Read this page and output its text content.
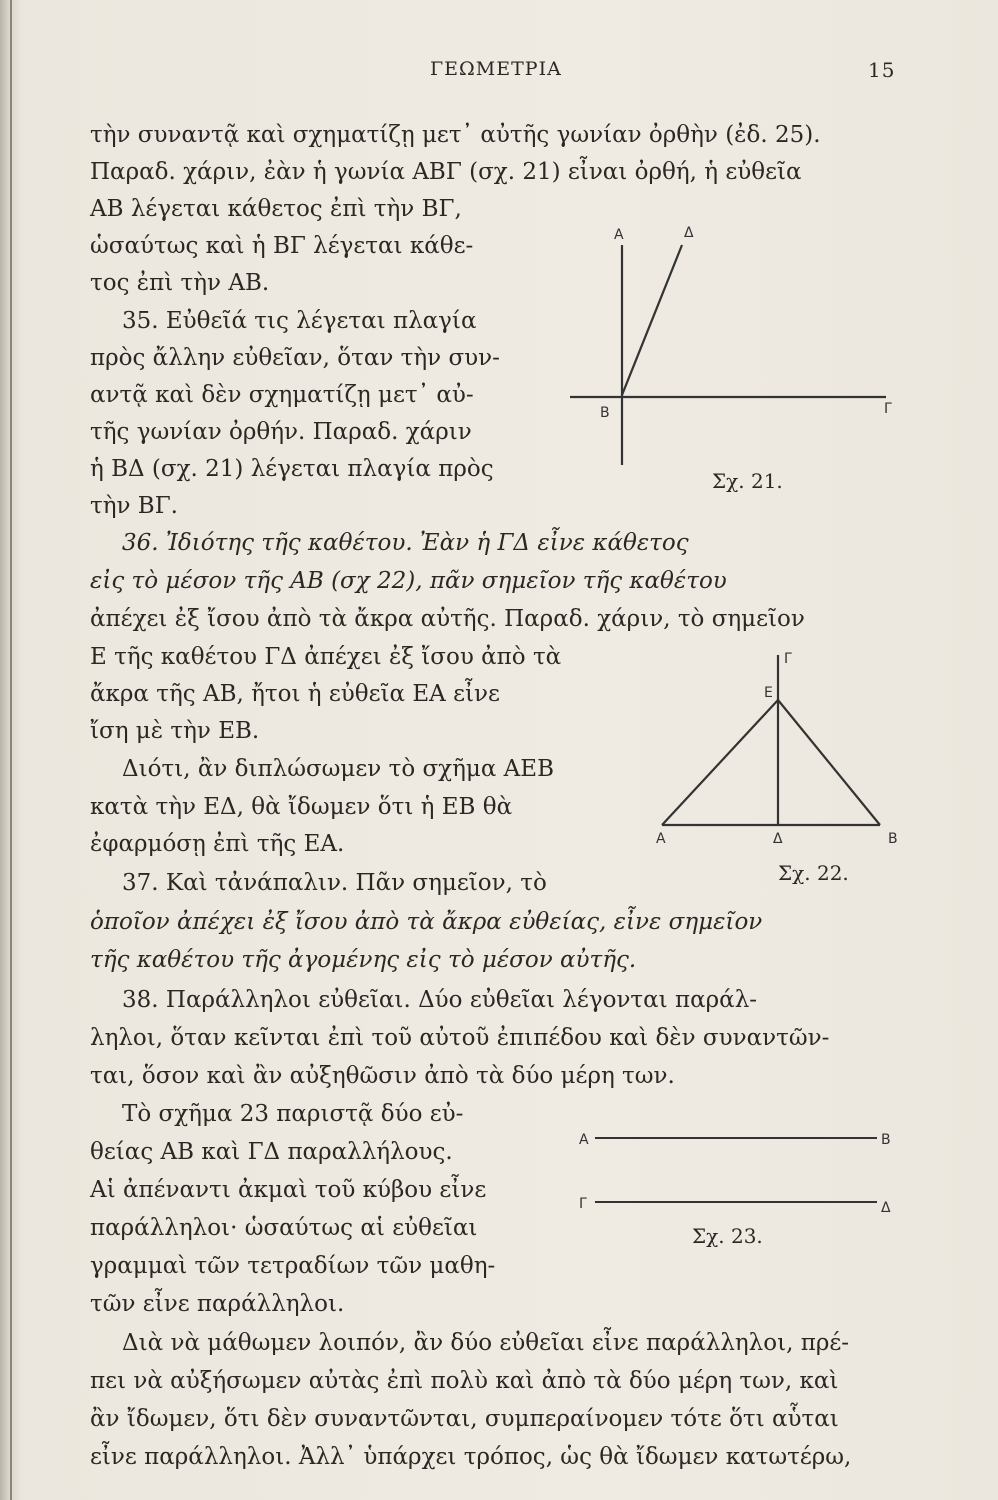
ΓΕΩΜΕΤΡΙΑ	15
τὴν συναντᾷ καὶ σχηματίζῃ μετ᾽ αὐτῆς γωνίαν ὀρθὴν (ἐδ. 25).
Παραδ. χάριν, ἐὰν ἡ γωνία ΑΒΓ (σχ. 21) εἶναι ὀρθή, ἡ εὐθεῖα
ΑΒ λέγεται κάθετος ἐπὶ τὴν ΒΓ,
ὡσαύτως καὶ ἡ ΒΓ λέγεται κάθε-
τος ἐπὶ τὴν ΑΒ.
35. Εὐθεῖά τις λέγεται πλαγία
πρὸς ἄλλην εὐθεῖαν, ὅταν τὴν συν-
αντᾷ καὶ δὲν σχηματίζῃ μετ᾽ αὐ-
τῆς γωνίαν ὀρθήν. Παραδ. χάριν
ἡ ΒΔ (σχ. 21) λέγεται πλαγία πρὸς
τὴν ΒΓ.
36. Ἰδιότης τῆς καθέτου. Ἐὰν ἡ ΓΔ εἶνε κάθετος
εἰς τὸ μέσον τῆς ΑΒ (σχ 22), πᾶν σημεῖον τῆς καθέτου
ἀπέχει ἐξ ἴσου ἀπὸ τὰ ἄκρα αὐτῆς. Παραδ. χάριν, τὸ σημεῖον
Ε τῆς καθέτου ΓΔ ἀπέχει ἐξ ἴσου ἀπὸ τὰ
ἄκρα τῆς ΑΒ, ἤτοι ἡ εὐθεῖα ΕΑ εἶνε
ἴση μὲ τὴν ΕΒ.
Διότι, ἂν διπλώσωμεν τὸ σχῆμα ΑΕΒ
κατὰ τὴν ΕΔ, θὰ ἴδωμεν ὅτι ἡ ΕΒ θὰ
ἐφαρμόσῃ ἐπὶ τῆς ΕΑ.
37. Καὶ τἀνάπαλιν. Πᾶν σημεῖον, τὸ
ὁποῖον ἀπέχει ἐξ ἴσου ἀπὸ τὰ ἄκρα εὐθείας, εἶνε σημεῖον
τῆς καθέτου τῆς ἀγομένης εἰς τὸ μέσον αὐτῆς.
38. Παράλληλοι εὐθεῖαι. Δύο εὐθεῖαι λέγονται παράλ-
ληλοι, ὅταν κεῖνται ἐπὶ τοῦ αὐτοῦ ἐπιπέδου καὶ δὲν συναντῶν-
ται, ὅσον καὶ ἂν αὐξηθῶσιν ἀπὸ τὰ δύο μέρη των.
Τὸ σχῆμα 23 παριστᾷ δύο εὐ-
θείας ΑΒ καὶ ΓΔ παραλλήλους.
Αἱ ἀπέναντι ἀκμαὶ τοῦ κύβου εἶνε
παράλληλοι· ὡσαύτως αἱ εὐθεῖαι
γραμμαὶ τῶν τετραδίων τῶν μαθη-
τῶν εἶνε παράλληλοι.
Διὰ νὰ μάθωμεν λοιπόν, ἂν δύο εὐθεῖαι εἶνε παράλληλοι, πρέ-
πει νὰ αὐξήσωμεν αὐτὰς ἐπὶ πολὺ καὶ ἀπὸ τὰ δύο μέρη των, καὶ
ἂν ἴδωμεν, ὅτι δὲν συναντῶνται, συμπεραίνομεν τότε ὅτι αὗται
εἶνε παράλληλοι. Ἀλλ᾽ ὑπάρχει τρόπος, ὡς θὰ ἴδωμεν κατωτέρω,
A	Δ
B	Γ
Σχ. 21.
Γ
E
A	Δ	B
Σχ. 22.
A	B
Γ	Δ
Σχ. 23.
